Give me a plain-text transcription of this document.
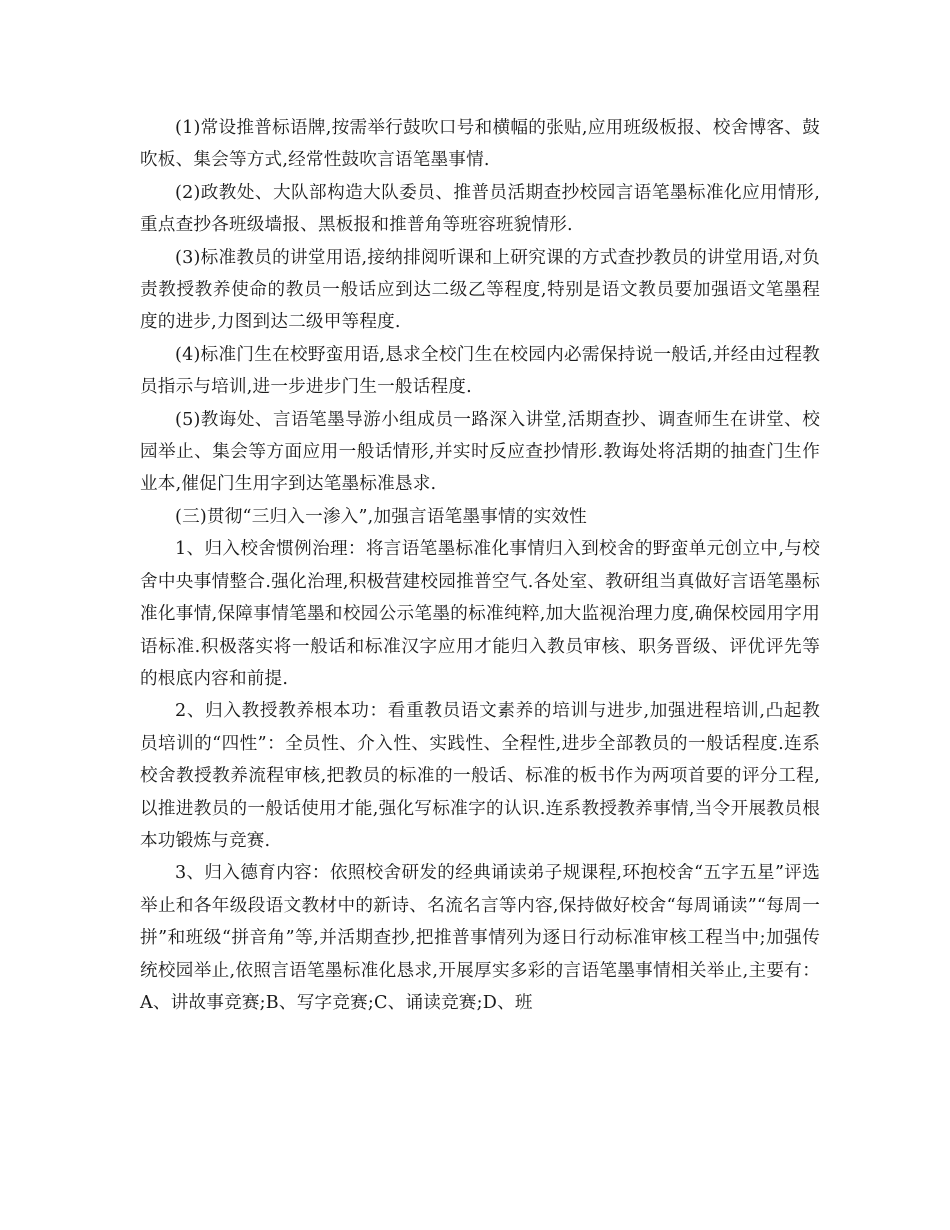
(1)常设推普标语牌,按需举行鼓吹口号和横幅的张贴,应用班级板报、校舍博客、鼓吹板、集会等方式,经常性鼓吹言语笔墨事情.

(2)政教处、大队部构造大队委员、推普员活期查抄校园言语笔墨标准化应用情形,重点查抄各班级墙报、黑板报和推普角等班容班貌情形.

(3)标准教员的讲堂用语,接纳排阅听课和上研究课的方式查抄教员的讲堂用语,对负责教授教养使命的教员一般话应到达二级乙等程度,特别是语文教员要加强语文笔墨程度的进步,力图到达二级甲等程度.

(4)标准门生在校野蛮用语,恳求全校门生在校园内必需保持说一般话,并经由过程教员指示与培训,进一步进步门生一般话程度.

(5)教诲处、言语笔墨导游小组成员一路深入讲堂,活期查抄、调查师生在讲堂、校园举止、集会等方面应用一般话情形,并实时反应查抄情形.教诲处将活期的抽查门生作业本,催促门生用字到达笔墨标准恳求.

(三)贯彻“三归入一渗入”,加强言语笔墨事情的实效性

1、归入校舍惯例治理：将言语笔墨标准化事情归入到校舍的野蛮单元创立中,与校舍中央事情整合.强化治理,积极营建校园推普空气.各处室、教研组当真做好言语笔墨标准化事情,保障事情笔墨和校园公示笔墨的标准纯粹,加大监视治理力度,确保校园用字用语标准.积极落实将一般话和标准汉字应用才能归入教员审核、职务晋级、评优评先等的根底内容和前提.

2、归入教授教养根本功：看重教员语文素养的培训与进步,加强进程培训,凸起教员培训的“四性”：全员性、介入性、实践性、全程性,进步全部教员的一般话程度.连系校舍教授教养流程审核,把教员的标准的一般话、标准的板书作为两项首要的评分工程,以推进教员的一般话使用才能,强化写标准字的认识.连系教授教养事情,当令开展教员根本功锻炼与竞赛.

3、归入德育内容：依照校舍研发的经典诵读弟子规课程,环抱校舍“五字五星”评选举止和各年级段语文教材中的新诗、名流名言等内容,保持做好校舍“每周诵读”“每周一拼”和班级“拼音角”等,并活期查抄,把推普事情列为逐日行动标准审核工程当中;加强传统校园举止,依照言语笔墨标准化恳求,开展厚实多彩的言语笔墨事情相关举止,主要有：A、讲故事竞赛;B、写字竞赛;C、诵读竞赛;D、班
